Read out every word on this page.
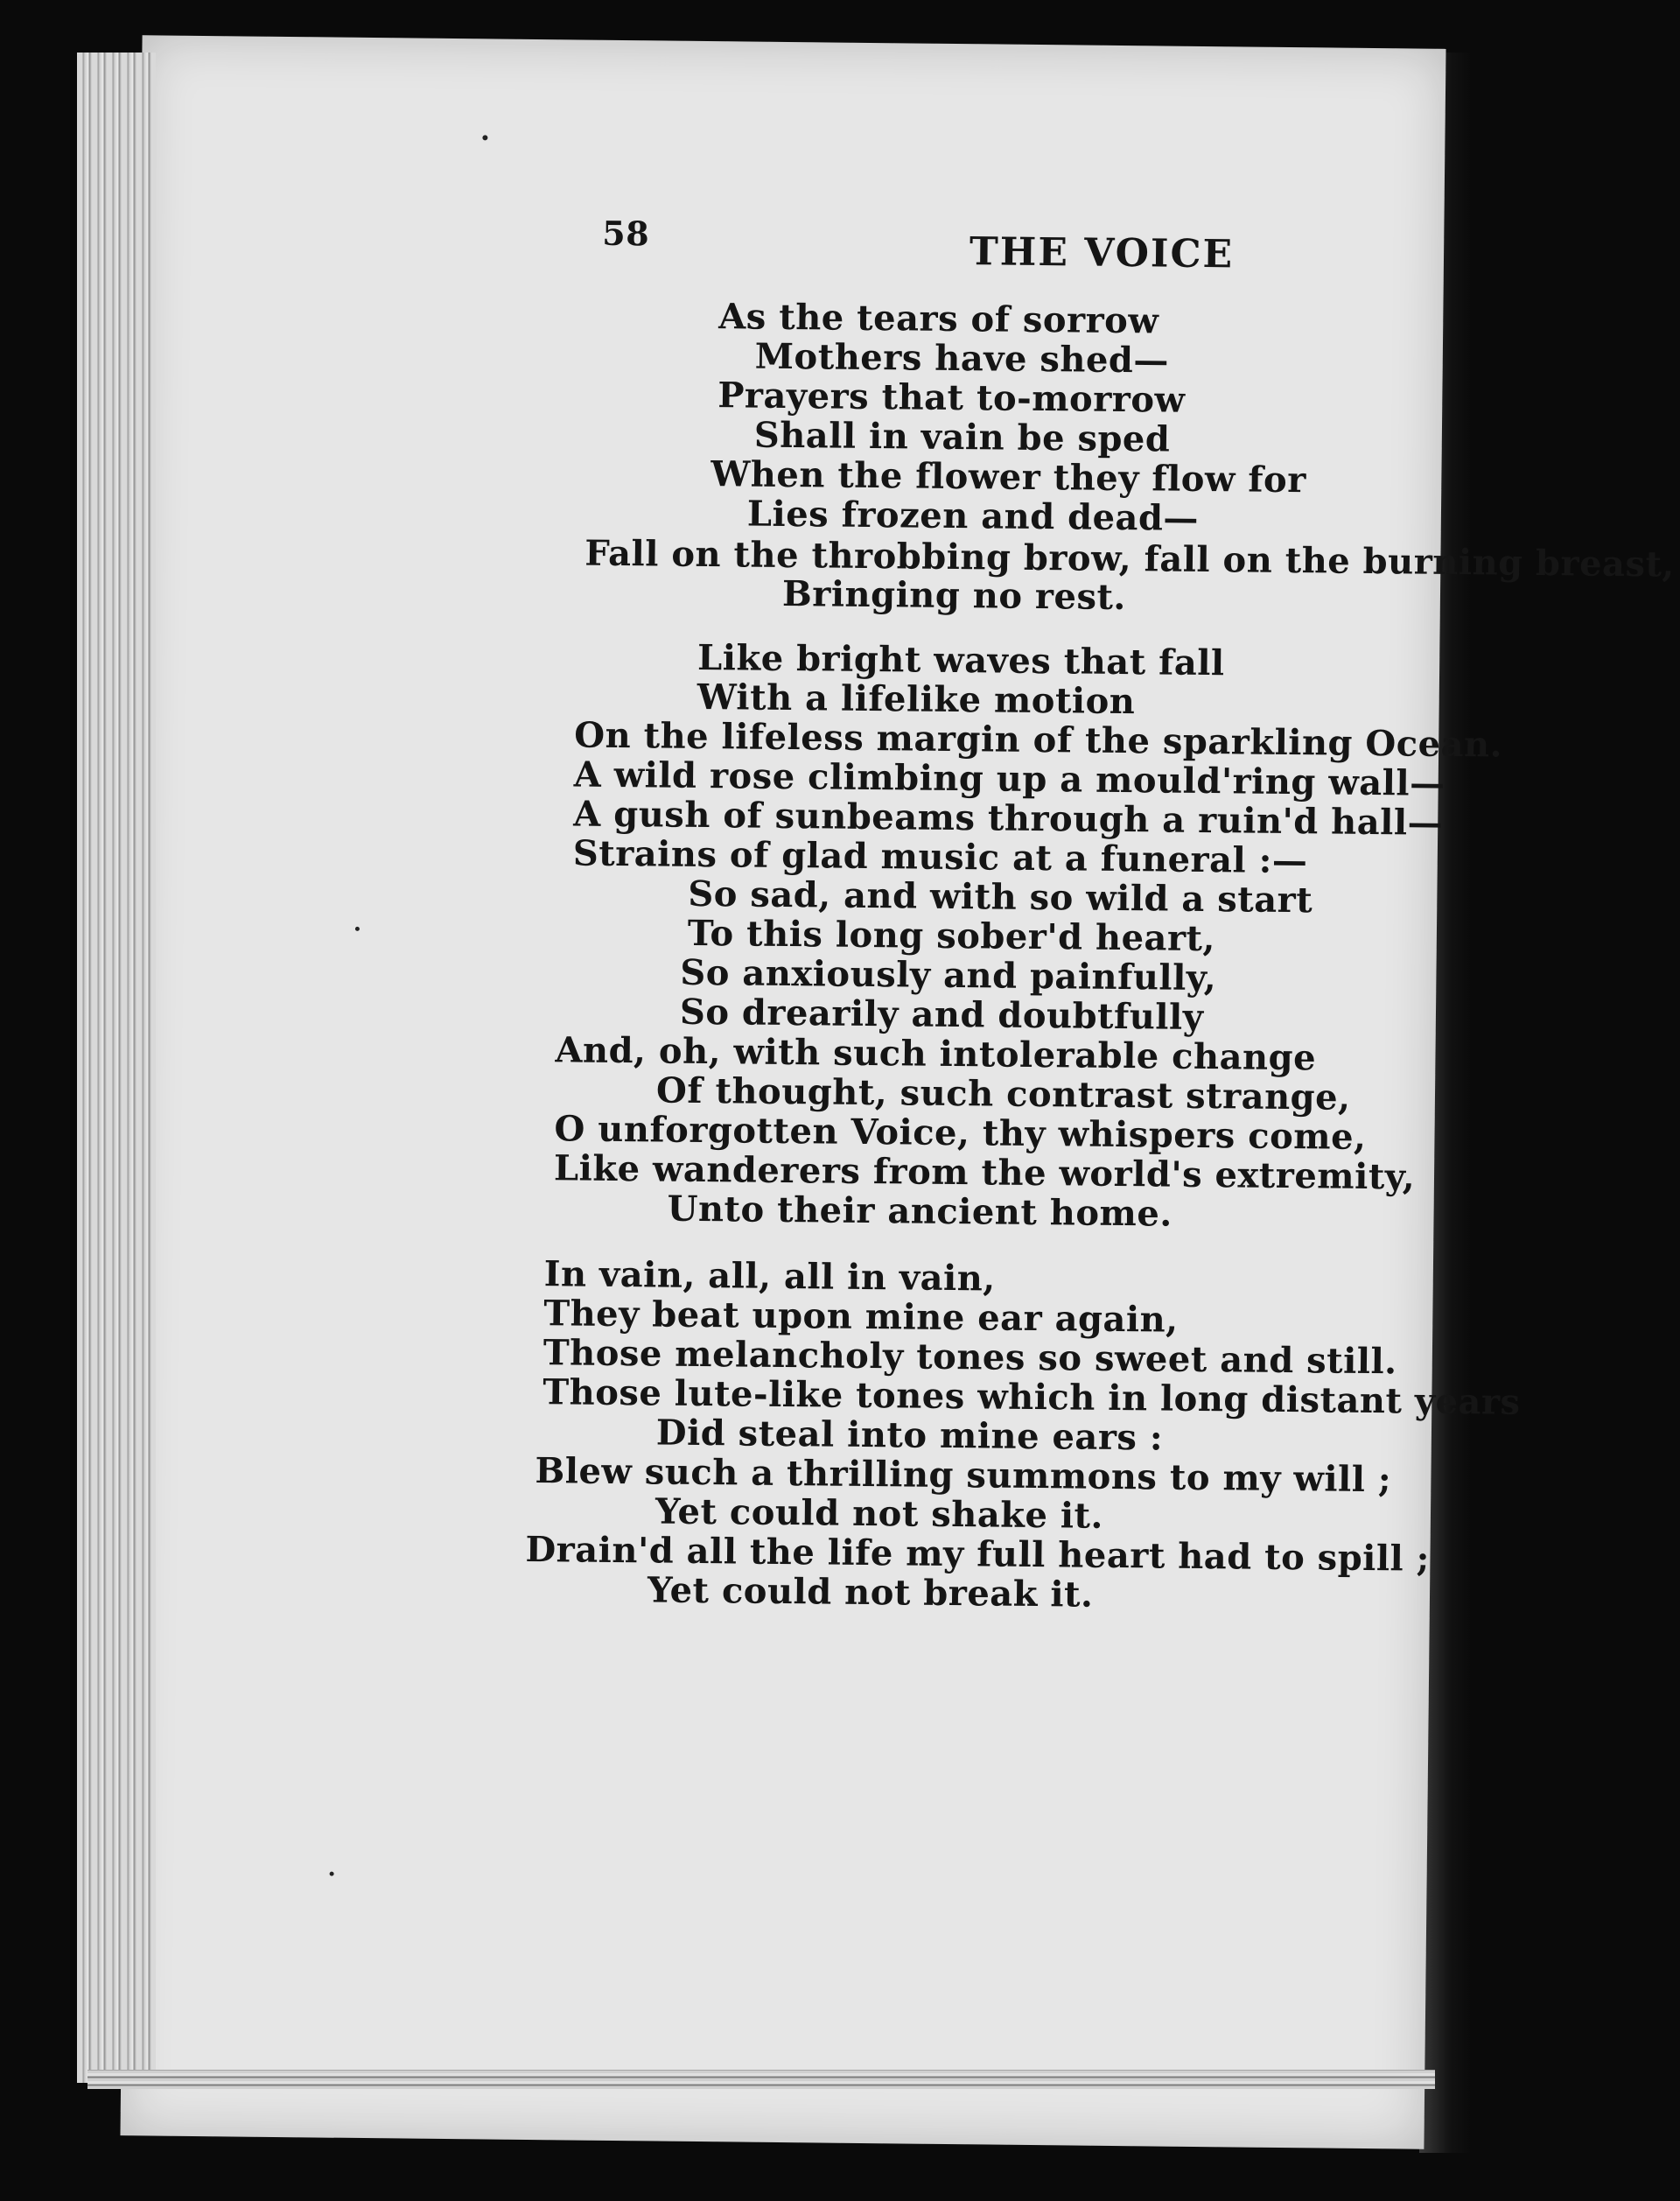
58	THE VOICE
As the tears of sorrow
Mothers have shed—
Prayers that to-morrow
Shall in vain be sped
When the flower they flow for
Lies frozen and dead—
Fall on the throbbing brow, fall on the burning breast,
Bringing no rest.
Like bright waves that fall
With a lifelike motion
On the lifeless margin of the sparkling Ocean.
A wild rose climbing up a mould'ring wall—
A gush of sunbeams through a ruin'd hall—
Strains of glad music at a funeral :—
So sad, and with so wild a start
To this long sober'd heart,
So anxiously and painfully,
So drearily and doubtfully
And, oh, with such intolerable change
Of thought, such contrast strange,
O unforgotten Voice, thy whispers come,
Like wanderers from the world's extremity,
Unto their ancient home.
In vain, all, all in vain,
They beat upon mine ear again,
Those melancholy tones so sweet and still.
Those lute-like tones which in long distant years
Did steal into mine ears :
Blew such a thrilling summons to my will ;
Yet could not shake it.
Drain'd all the life my full heart had to spill ;
Yet could not break it.
